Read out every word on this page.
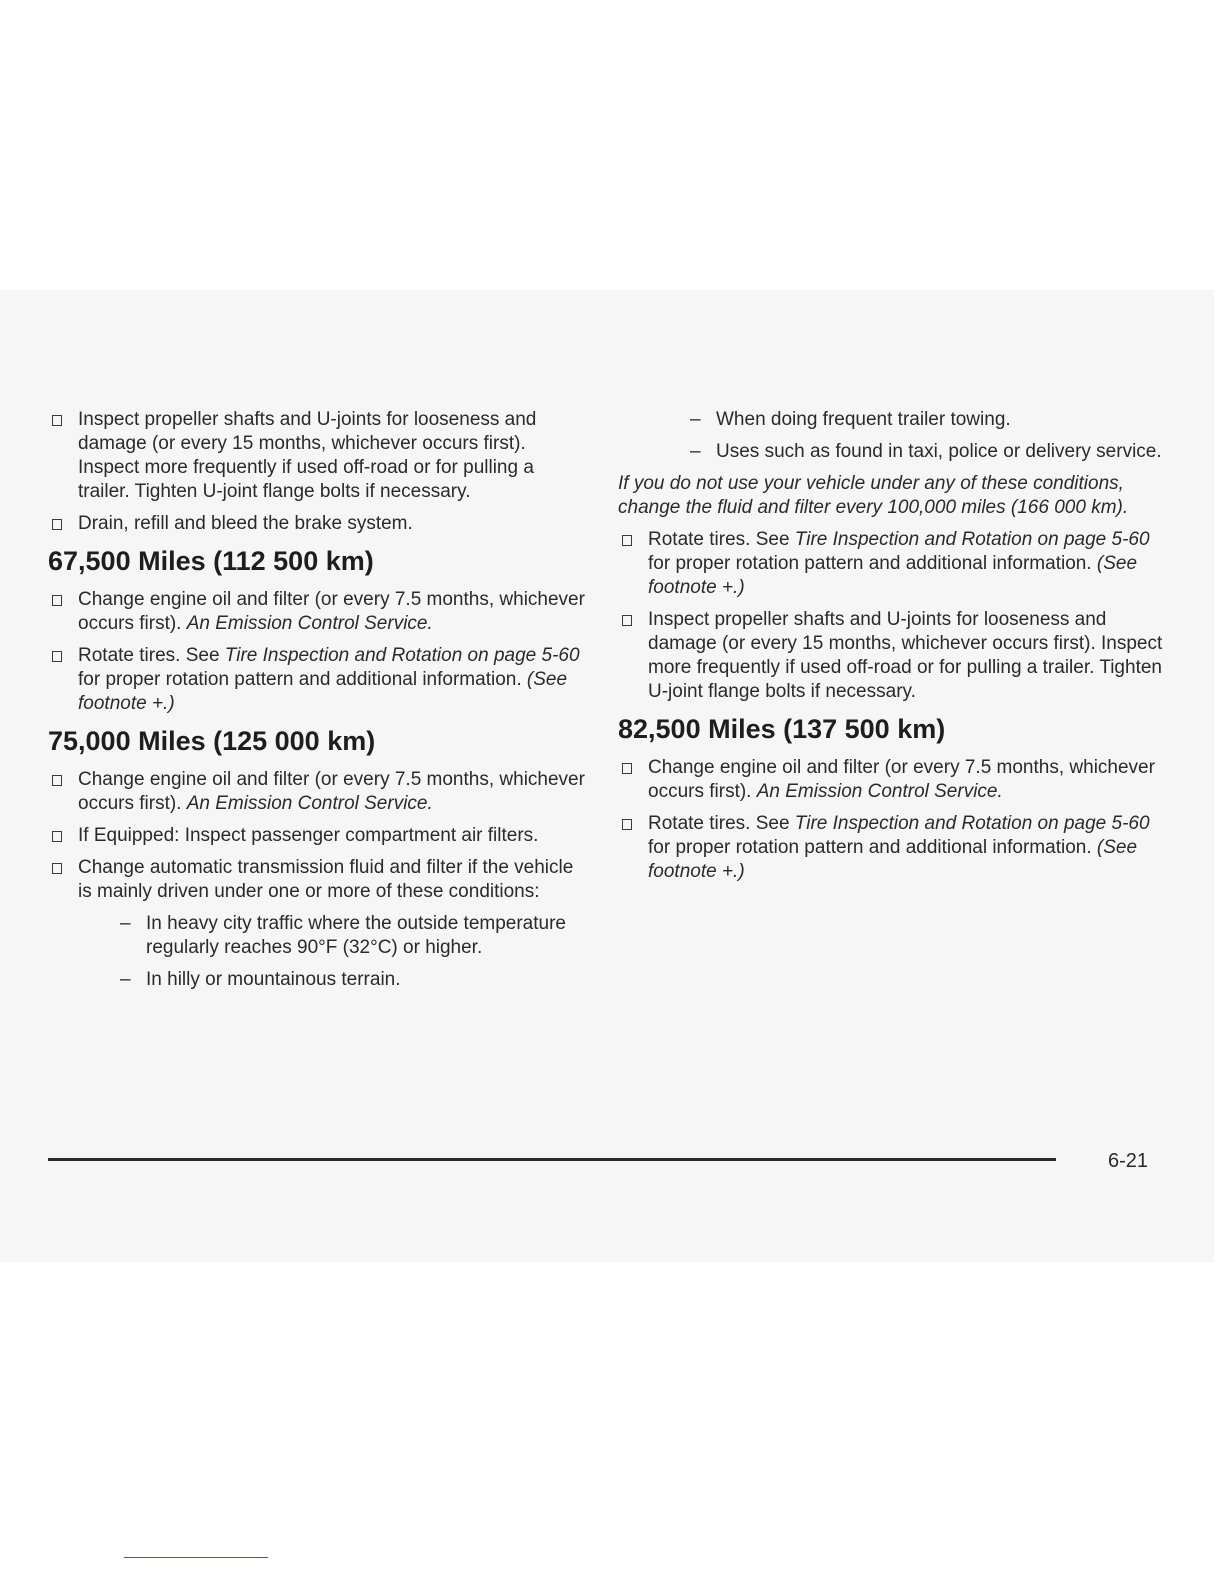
Inspect propeller shafts and U-joints for looseness and damage (or every 15 months, whichever occurs first). Inspect more frequently if used off-road or for pulling a trailer. Tighten U-joint flange bolts if necessary.
Drain, refill and bleed the brake system.
67,500 Miles (112 500 km)
Change engine oil and filter (or every 7.5 months, whichever occurs first). An Emission Control Service.
Rotate tires. See Tire Inspection and Rotation on page 5-60 for proper rotation pattern and additional information. (See footnote +.)
75,000 Miles (125 000 km)
Change engine oil and filter (or every 7.5 months, whichever occurs first). An Emission Control Service.
If Equipped: Inspect passenger compartment air filters.
Change automatic transmission fluid and filter if the vehicle is mainly driven under one or more of these conditions:
– In heavy city traffic where the outside temperature regularly reaches 90°F (32°C) or higher.
– In hilly or mountainous terrain.
– When doing frequent trailer towing.
– Uses such as found in taxi, police or delivery service.
If you do not use your vehicle under any of these conditions, change the fluid and filter every 100,000 miles (166 000 km).
Rotate tires. See Tire Inspection and Rotation on page 5-60 for proper rotation pattern and additional information. (See footnote +.)
Inspect propeller shafts and U-joints for looseness and damage (or every 15 months, whichever occurs first). Inspect more frequently if used off-road or for pulling a trailer. Tighten U-joint flange bolts if necessary.
82,500 Miles (137 500 km)
Change engine oil and filter (or every 7.5 months, whichever occurs first). An Emission Control Service.
Rotate tires. See Tire Inspection and Rotation on page 5-60 for proper rotation pattern and additional information. (See footnote +.)
6-21
